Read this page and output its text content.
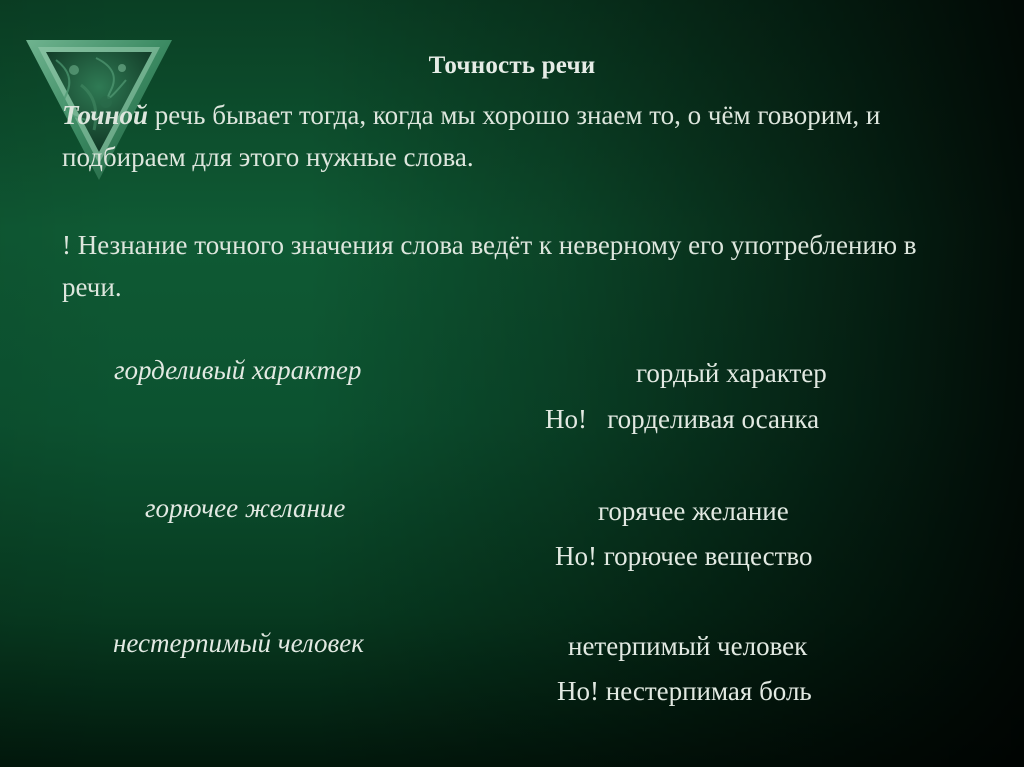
Точность речи
Точной речь бывает тогда, когда мы хорошо знаем то, о чём говорим, и подбираем для этого нужные слова.
! Незнание точного значения слова ведёт к неверному его употреблению в речи.
горделивый характер	гордый характер
Но!   горделивая осанка
горючее желание	горячее желание
Но! горючее вещество
нестерпимый человек	нетерпимый человек
Но! нестерпимая боль
